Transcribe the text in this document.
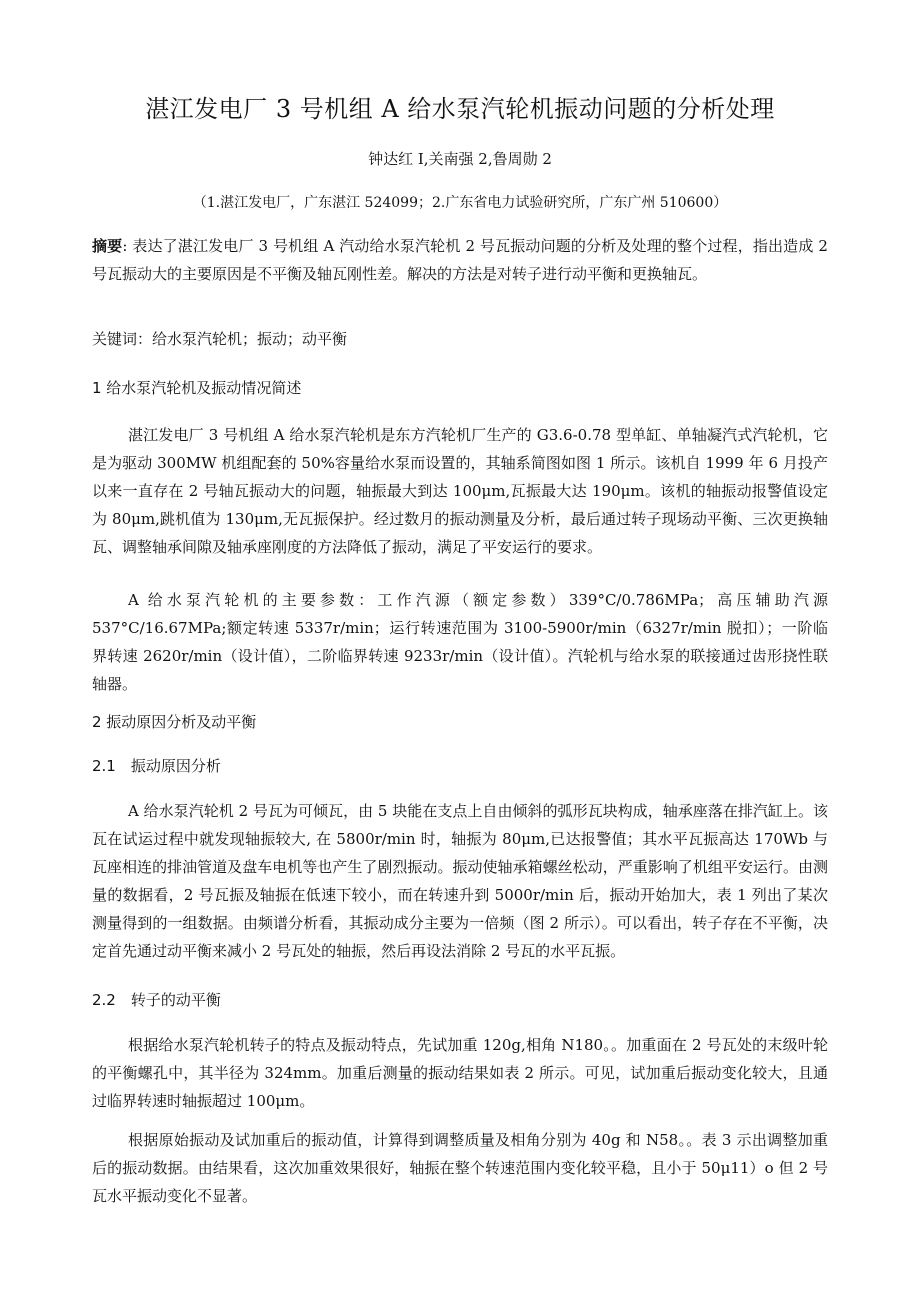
湛江发电厂 3 号机组 A 给水泵汽轮机振动问题的分析处理
钟达红 I,关南强 2,鲁周勋 2
（1.湛江发电厂，广东湛江 524099；2.广东省电力试验研究所，广东广州 510600）

摘要: 表达了湛江发电厂 3 号机组 A 汽动给水泵汽轮机 2 号瓦振动问题的分析及处理的整个过程，指出造成 2 号瓦振动大的主要原因是不平衡及轴瓦刚性差。解决的方法是对转子进行动平衡和更换轴瓦。

关键词：给水泵汽轮机；振动；动平衡

1 给水泵汽轮机及振动情况简述

湛江发电厂 3 号机组 A 给水泵汽轮机是东方汽轮机厂生产的 G3.6-0.78 型单缸、单轴凝汽式汽轮机，它是为驱动 300MW 机组配套的 50%容量给水泵而设置的，其轴系简图如图 1 所示。该机自 1999 年 6 月投产以来一直存在 2 号轴瓦振动大的问题，轴振最大到达 100μm,瓦振最大达 190μm。该机的轴振动报警值设定为 80μm,跳机值为 130μm,无瓦振保护。经过数月的振动测量及分析，最后通过转子现场动平衡、三次更换轴瓦、调整轴承间隙及轴承座刚度的方法降低了振动，满足了平安运行的要求。

A 给水泵汽轮机的主要参数：工作汽源（额定参数）339°C/0.786MPa；高压辅助汽源 537°C/16.67MPa;额定转速 5337r/min；运行转速范围为 3100-5900r/min（6327r/min 脱扣）；一阶临界转速 2620r/min（设计值），二阶临界转速 9233r/min（设计值）。汽轮机与给水泵的联接通过齿形挠性联轴器。

2 振动原因分析及动平衡
2.1　振动原因分析

A 给水泵汽轮机 2 号瓦为可倾瓦，由 5 块能在支点上自由倾斜的弧形瓦块构成，轴承座落在排汽缸上。该瓦在试运过程中就发现轴振较大, 在 5800r/min 时，轴振为 80μm,已达报警值；其水平瓦振高达 170Wb 与瓦座相连的排油管道及盘车电机等也产生了剧烈振动。振动使轴承箱螺丝松动，严重影响了机组平安运行。由测量的数据看，2 号瓦振及轴振在低速下较小，而在转速升到 5000r/min 后，振动开始加大，表 1 列出了某次测量得到的一组数据。由频谱分析看，其振动成分主要为一倍频（图 2 所示）。可以看出，转子存在不平衡，决定首先通过动平衡来减小 2 号瓦处的轴振，然后再设法消除 2 号瓦的水平瓦振。

2.2　转子的动平衡

根据给水泵汽轮机转子的特点及振动特点，先试加重 120g,相角 N180。。加重面在 2 号瓦处的末级叶轮的平衡螺孔中，其半径为 324mm。加重后测量的振动结果如表 2 所示。可见，试加重后振动变化较大，且通过临界转速时轴振超过 100μm。

根据原始振动及试加重后的振动值，计算得到调整质量及相角分别为 40g 和 N58。。表 3 示出调整加重后的振动数据。由结果看，这次加重效果很好，轴振在整个转速范围内变化较平稳，且小于 50μ11）o 但 2 号瓦水平振动变化不显著。
